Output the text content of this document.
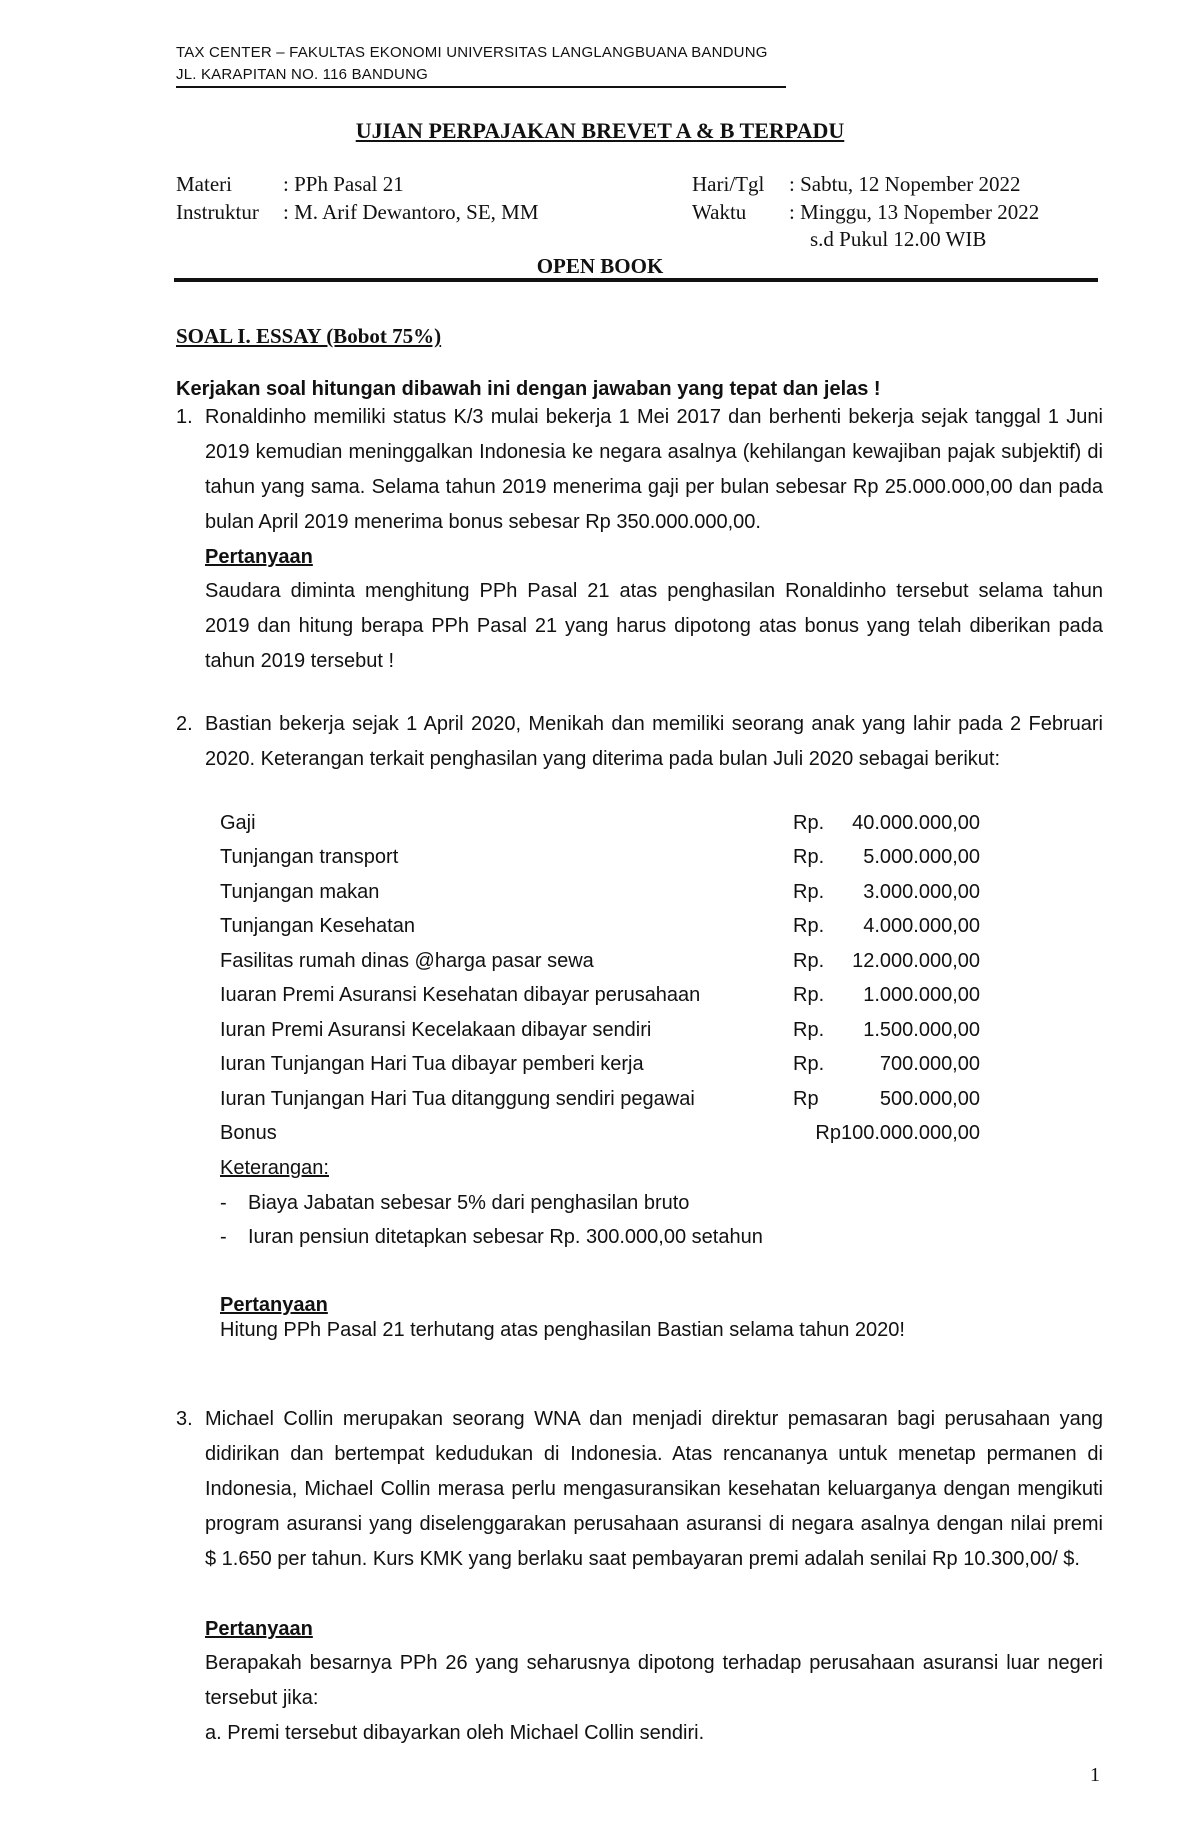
TAX CENTER – FAKULTAS EKONOMI UNIVERSITAS LANGLANGBUANA BANDUNG
JL. KARAPITAN NO. 116 BANDUNG
UJIAN PERPAJAKAN BREVET A & B TERPADU
Materi : PPh Pasal 21
Instruktur : M. Arif Dewantoro, SE, MM
Hari/Tgl : Sabtu, 12 Nopember 2022
Waktu : Minggu, 13 Nopember 2022
s.d Pukul 12.00 WIB
OPEN BOOK
SOAL I. ESSAY (Bobot 75%)
Kerjakan soal hitungan dibawah ini dengan jawaban yang tepat dan jelas !
1. Ronaldinho memiliki status K/3 mulai bekerja 1 Mei 2017 dan berhenti bekerja sejak tanggal 1 Juni 2019 kemudian meninggalkan Indonesia ke negara asalnya (kehilangan kewajiban pajak subjektif) di tahun yang sama. Selama tahun 2019 menerima gaji per bulan sebesar Rp 25.000.000,00 dan pada bulan April 2019 menerima bonus sebesar Rp 350.000.000,00.
Pertanyaan
Saudara diminta menghitung PPh Pasal 21 atas penghasilan Ronaldinho tersebut selama tahun 2019 dan hitung berapa PPh Pasal 21 yang harus dipotong atas bonus yang telah diberikan pada tahun 2019 tersebut !
2. Bastian bekerja sejak 1 April 2020, Menikah dan memiliki seorang anak yang lahir pada 2 Februari 2020. Keterangan terkait penghasilan yang diterima pada bulan Juli 2020 sebagai berikut:
Gaji	Rp. 40.000.000,00
Tunjangan transport	Rp. 5.000.000,00
Tunjangan makan	Rp. 3.000.000,00
Tunjangan Kesehatan	Rp. 4.000.000,00
Fasilitas rumah dinas @harga pasar sewa	Rp. 12.000.000,00
Iuaran Premi Asuransi Kesehatan dibayar perusahaan	Rp. 1.000.000,00
Iuran Premi Asuransi Kecelakaan dibayar sendiri	Rp. 1.500.000,00
Iuran Tunjangan Hari Tua dibayar pemberi kerja	Rp.	700.000,00
Iuran Tunjangan Hari Tua ditanggung sendiri pegawai	Rp	500.000,00
Bonus	Rp100.000.000,00
Keterangan:
- Biaya Jabatan sebesar 5% dari penghasilan bruto
- Iuran pensiun ditetapkan sebesar Rp. 300.000,00 setahun
Pertanyaan
Hitung PPh Pasal 21 terhutang atas penghasilan Bastian selama tahun 2020!
3. Michael Collin merupakan seorang WNA dan menjadi direktur pemasaran bagi perusahaan yang didirikan dan bertempat kedudukan di Indonesia. Atas rencananya untuk menetap permanen di Indonesia, Michael Collin merasa perlu mengasuransikan kesehatan keluarganya dengan mengikuti program asuransi yang diselenggarakan perusahaan asuransi di negara asalnya dengan nilai premi $ 1.650 per tahun. Kurs KMK yang berlaku saat pembayaran premi adalah senilai Rp 10.300,00/ $.
Pertanyaan
Berapakah besarnya PPh 26 yang seharusnya dipotong terhadap perusahaan asuransi luar negeri tersebut jika:
a. Premi tersebut dibayarkan oleh Michael Collin sendiri.
1
